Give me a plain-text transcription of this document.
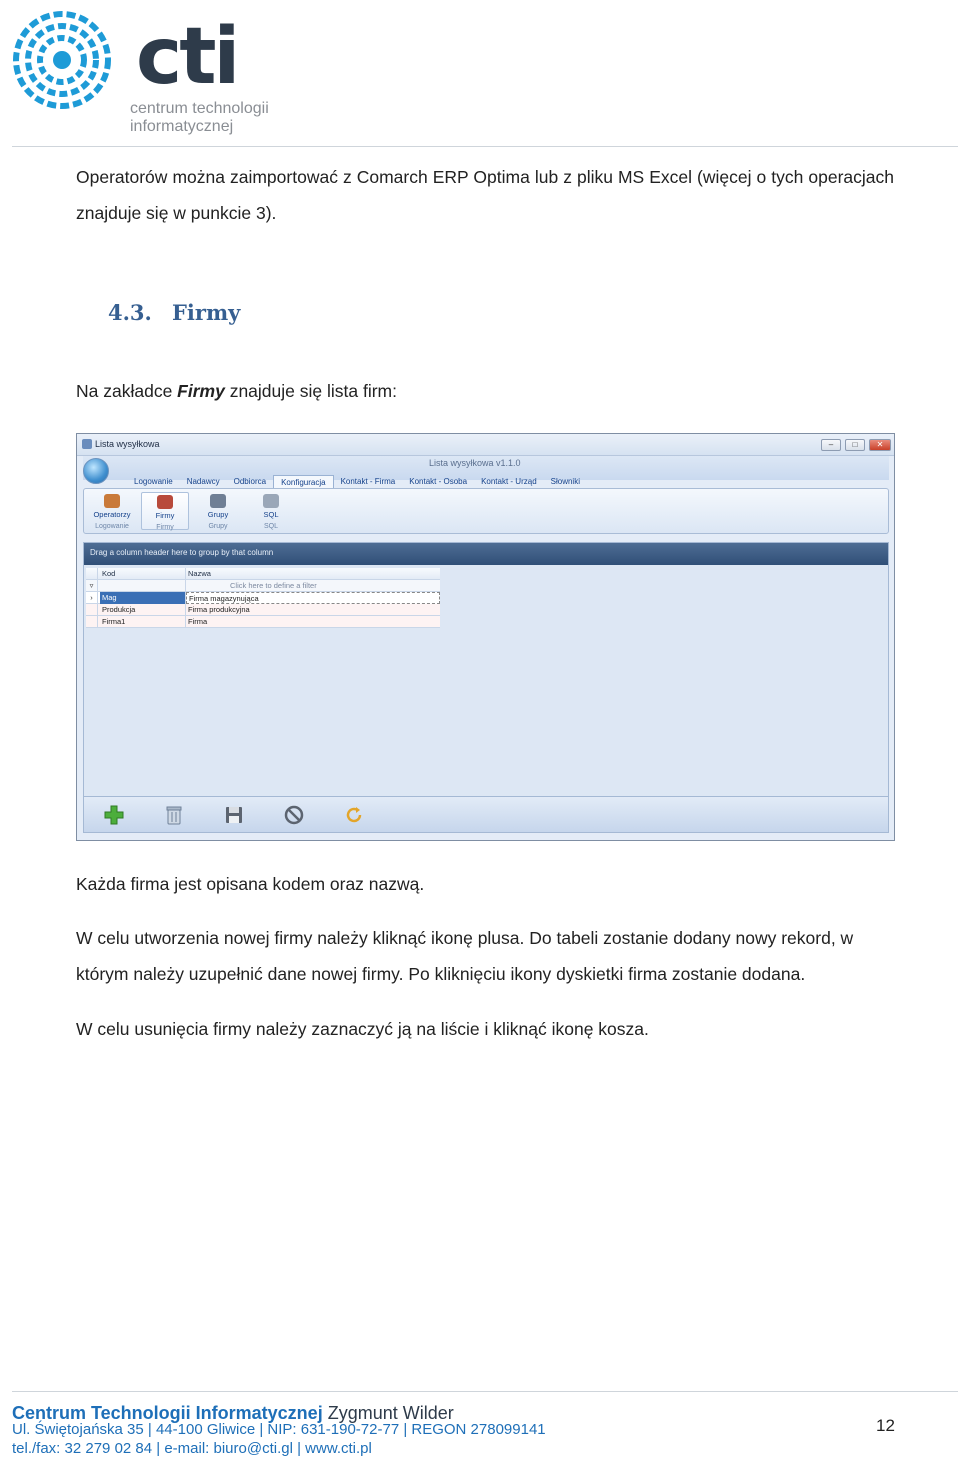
cti
centrum technologii
informatycznej

Operatorów można zaimportować z Comarch ERP Optima lub z pliku MS Excel (więcej o tych operacjach znajduje się w punkcie 3).

4.3. Firmy

Na zakładce Firmy znajduje się lista firm:

Lista wysyłkowa	–	□	✕
Lista wysyłkowa v1.1.0
Logowanie	Nadawcy	Odbiorca	Konfiguracja	Kontakt - Firma	Kontakt - Osoba	Kontakt - Urząd	Słowniki
Operatorzy
Logowanie
Firmy
Firmy
Grupy
Grupy
SQL
SQL
Drag a column header here to group by that column
Kod	Nazwa
▿	Click here to define a filter
›	Mag	Firma magazynująca
Produkcja	Firma produkcyjna
Firma1	Firma

Każda firma jest opisana kodem oraz nazwą.

W celu utworzenia nowej firmy należy kliknąć ikonę plusa. Do tabeli zostanie dodany nowy rekord, w którym należy uzupełnić dane nowej firmy. Po kliknięciu ikony dyskietki firma zostanie dodana.

W celu usunięcia firmy należy zaznaczyć ją na liście i kliknąć ikonę kosza.

Centrum Technologii Informatycznej Zygmunt Wilder
Ul. Świętojańska 35 | 44-100 Gliwice | NIP: 631-190-72-77 | REGON 278099141
tel./fax: 32 279 02 84 | e-mail: biuro@cti.gl | www.cti.pl
12
